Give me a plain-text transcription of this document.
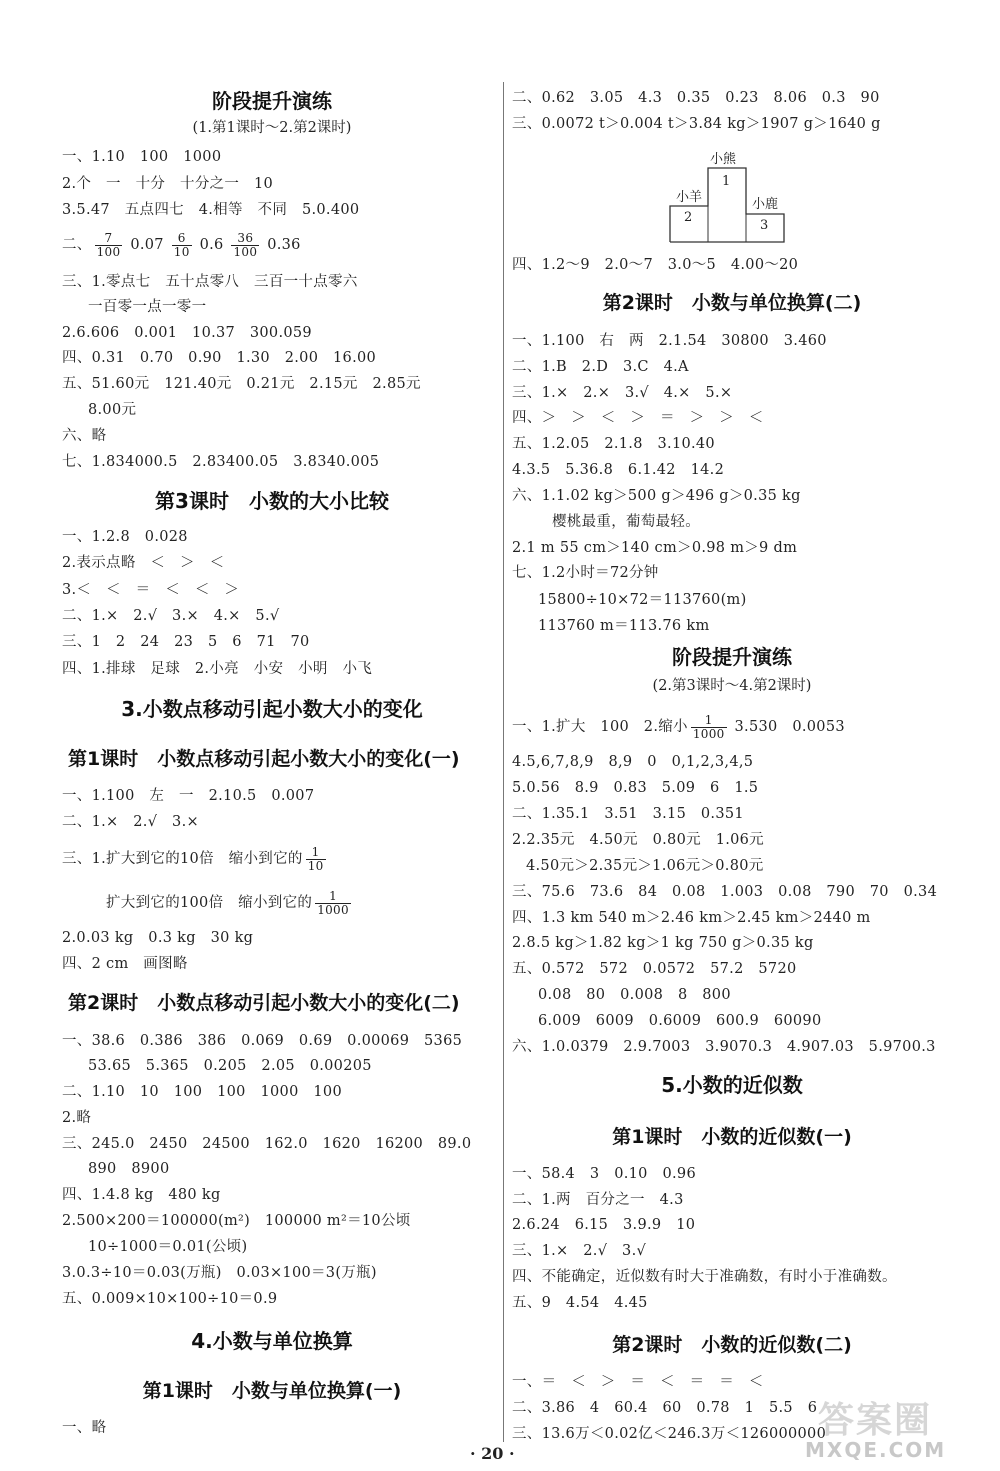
阶段提升演练
(1.第1课时～2.第2课时)
一、1.10　100　1000
2.个　一　十分　十分之一　10
3.5.47　五点四七　4.相等　不同　5.0.400
二、 $\frac{7}{100} 0.07 \frac{6}{10} 0.6 \frac{36}{100} 0.36$
三、1.零点七　五十点零八　三百一十点零六
一百零一点一零一
2.6.606　0.001　10.37　300.059
四、0.31　0.70　0.90　1.30　2.00　16.00
五、51.60元　121.40元　0.21元　2.15元　2.85元
8.00元
六、略
七、1.834000.5　2.83400.05　3.8340.005
第3课时　小数的大小比较
一、1.2.8　0.028
2.表示点略　＜　＞　＜
3.＜　＜　＝　＜　＜　＞
二、1.×　2.√　3.×　4.×　5.√
三、1　2　24　23　5　6　71　70
四、1.排球　足球　2.小亮　小安　小明　小飞
3.小数点移动引起小数大小的变化
第1课时　小数点移动引起小数大小的变化(一)
一、1.100　左　一　2.10.5　0.007
二、1.×　2.√　3.×
三、1.扩大到它的10倍　缩小到它的 $\frac{1}{10}$
扩大到它的100倍　缩小到它的 $\frac{1}{1000}$
2.0.03 kg　0.3 kg　30 kg
四、2 cm　画图略
第2课时　小数点移动引起小数大小的变化(二)
一、38.6　0.386　386　0.069　0.69　0.00069　5365
53.65　5.365　0.205　2.05　0.00205
二、1.10　10　100　100　1000　100
2.略
三、245.0　2450　24500　162.0　1620　16200　89.0
890　8900
四、1.4.8 kg　480 kg
2.500×200＝100000(m²)　100000 m²＝10公顷
10÷1000＝0.01(公顷)
3.0.3÷10＝0.03(万瓶)　0.03×100＝3(万瓶)
五、0.009×10×100÷10＝0.9
4.小数与单位换算
第1课时　小数与单位换算(一)
一、略
二、0.62　3.05　4.3　0.35　0.23　8.06　0.3　90
三、0.0072 t＞0.004 t＞3.84 kg＞1907 g＞1640 g
四、1.2～9　2.0～7　3.0～5　4.00～20
第2课时　小数与单位换算(二)
一、1.100　右　两　2.1.54　30800　3.460
二、1.B　2.D　3.C　4.A
三、1.×　2.×　3.√　4.×　5.×
四、＞　＞　＜　＞　＝　＞　＞　＜
五、1.2.05　2.1.8　3.10.40
4.3.5　5.36.8　6.1.42　14.2
六、1.1.02 kg＞500 g＞496 g＞0.35 kg
樱桃最重，葡萄最轻。
2.1 m 55 cm＞140 cm＞0.98 m＞9 dm
七、1.2小时＝72分钟
15800÷10×72＝113760(m)
113760 m＝113.76 km
阶段提升演练
(2.第3课时～4.第2课时)
一、1.扩大　100　2.缩小 $\frac{1}{1000} 3.530$　0.0053
4.5,6,7,8,9　8,9　0　0,1,2,3,4,5
5.0.56　8.9　0.83　5.09　6　1.5
二、1.35.1　3.51　3.15　0.351
2.2.35元　4.50元　0.80元　1.06元
4.50元＞2.35元＞1.06元＞0.80元
三、75.6　73.6　84　0.08　1.003　0.08　790　70　0.34
四、1.3 km 540 m＞2.46 km＞2.45 km＞2440 m
2.8.5 kg＞1.82 kg＞1 kg 750 g＞0.35 kg
五、0.572　572　0.0572　57.2　5720
0.08　80　0.008　8　800
6.009　6009　0.6009　600.9　60090
六、1.0.0379　2.9.7003　3.9070.3　4.907.03　5.9700.3
5.小数的近似数
第1课时　小数的近似数(一)
一、58.4　3　0.10　0.96
二、1.两　百分之一　4.3
2.6.24　6.15　3.9.9　10
三、1.×　2.√　3.√
四、不能确定，近似数有时大于准确数，有时小于准确数。
五、9　4.54　4.45
第2课时　小数的近似数(二)
一、＝　＜　＞　＝　＜　＝　＝　＜
二、3.86　4　60.4　60　0.78　1　5.5　6
三、13.6万＜0.02亿＜246.3万＜126000000
小熊
小羊	小鹿
1
2
3
· 20 ·
答案圈
MXQE.COM
